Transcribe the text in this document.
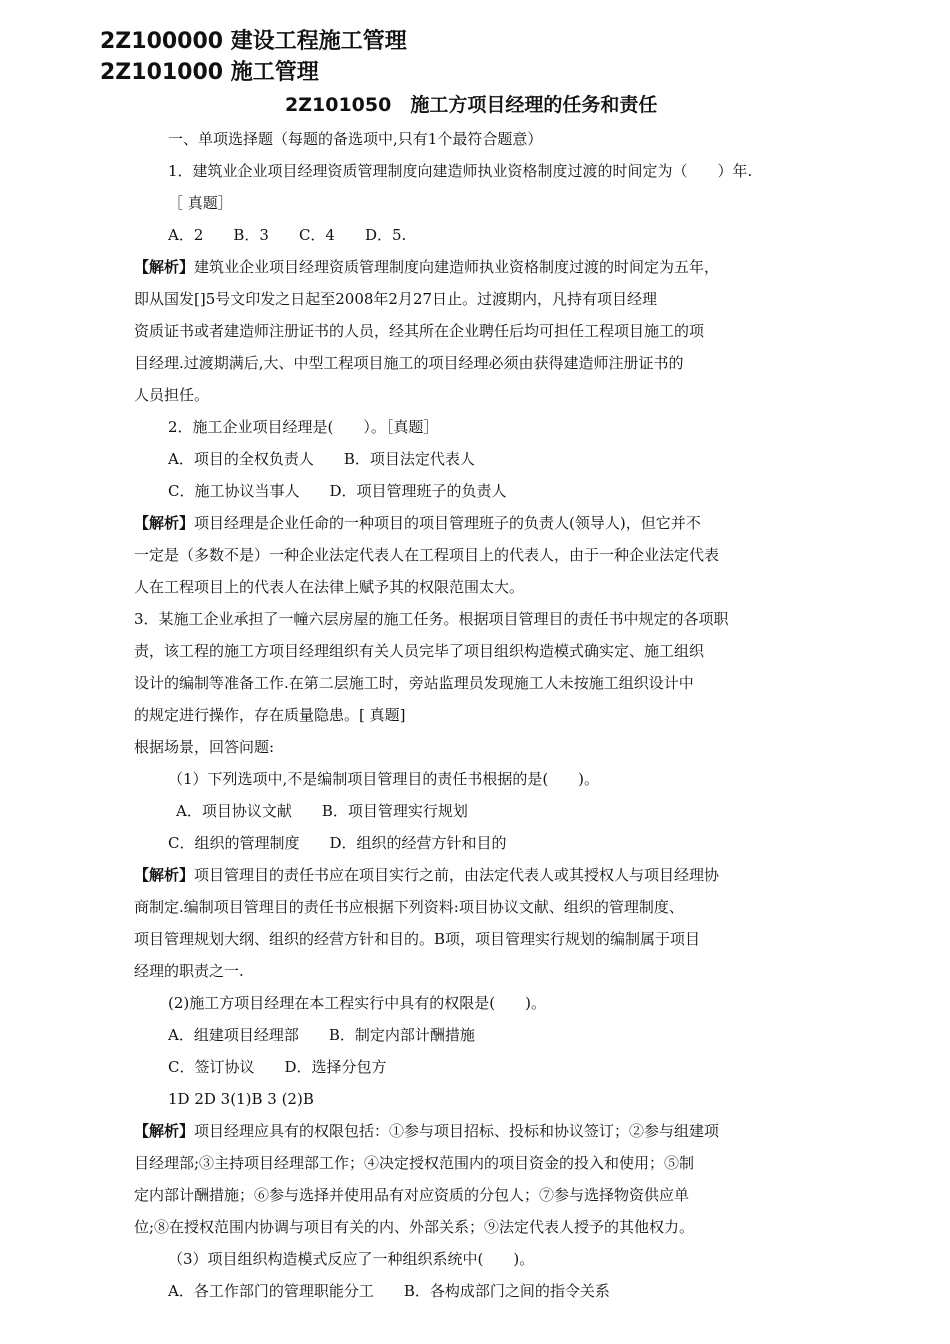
2Z100000 建设工程施工管理
2Z101000 施工管理
2Z101050　施工方项目经理的任务和责任
一、单项选择题（每题的备选项中,只有1个最符合题意）
1．建筑业企业项目经理资质管理制度向建造师执业资格制度过渡的时间定为（　　）年.
［ 真题］
A．2　　B．3　　C．4　　D．5.
【解析】建筑业企业项目经理资质管理制度向建造师执业资格制度过渡的时间定为五年，
即从国发[]5号文印发之日起至2008年2月27日止。过渡期内，凡持有项目经理
资质证书或者建造师注册证书的人员，经其所在企业聘任后均可担任工程项目施工的项
目经理.过渡期满后,大、中型工程项目施工的项目经理必须由获得建造师注册证书的
人员担任。
2．施工企业项目经理是(　　）。［真题］
A．项目的全权负责人　　B．项目法定代表人
C．施工协议当事人　　D．项目管理班子的负责人
【解析】项目经理是企业任命的一种项目的项目管理班子的负责人(领导人)，但它并不
一定是（多数不是）一种企业法定代表人在工程项目上的代表人，由于一种企业法定代表
人在工程项目上的代表人在法律上赋予其的权限范围太大。
3．某施工企业承担了一幢六层房屋的施工任务。根据项目管理目的责任书中规定的各项职
责，该工程的施工方项目经理组织有关人员完毕了项目组织构造模式确实定、施工组织
设计的编制等准备工作.在第二层施工时，旁站监理员发现施工人未按施工组织设计中
的规定进行操作，存在质量隐患。[ 真题]
根据场景，回答问题:
（1）下列选项中,不是编制项目管理目的责任书根据的是(　　)。
A．项目协议文献　　B．项目管理实行规划
C．组织的管理制度　　D．组织的经营方针和目的
【解析】项目管理目的责任书应在项目实行之前，由法定代表人或其授权人与项目经理协
商制定.编制项目管理目的责任书应根据下列资料:项目协议文献、组织的管理制度、
项目管理规划大纲、组织的经营方针和目的。B项，项目管理实行规划的编制属于项目
经理的职责之一.
(2)施工方项目经理在本工程实行中具有的权限是(　　)。
A．组建项目经理部　　B．制定内部计酬措施
C．签订协议　　D．选择分包方
1D 2D 3(1)B 3 (2)B
【解析】项目经理应具有的权限包括：①参与项目招标、投标和协议签订；②参与组建项
目经理部;③主持项目经理部工作；④决定授权范围内的项目资金的投入和使用；⑤制
定内部计酬措施；⑥参与选择并使用品有对应资质的分包人；⑦参与选择物资供应单
位;⑧在授权范围内协调与项目有关的内、外部关系；⑨法定代表人授予的其他权力。
（3）项目组织构造模式反应了一种组织系统中(　　)。
A．各工作部门的管理职能分工　　B．各构成部门之间的指令关系
